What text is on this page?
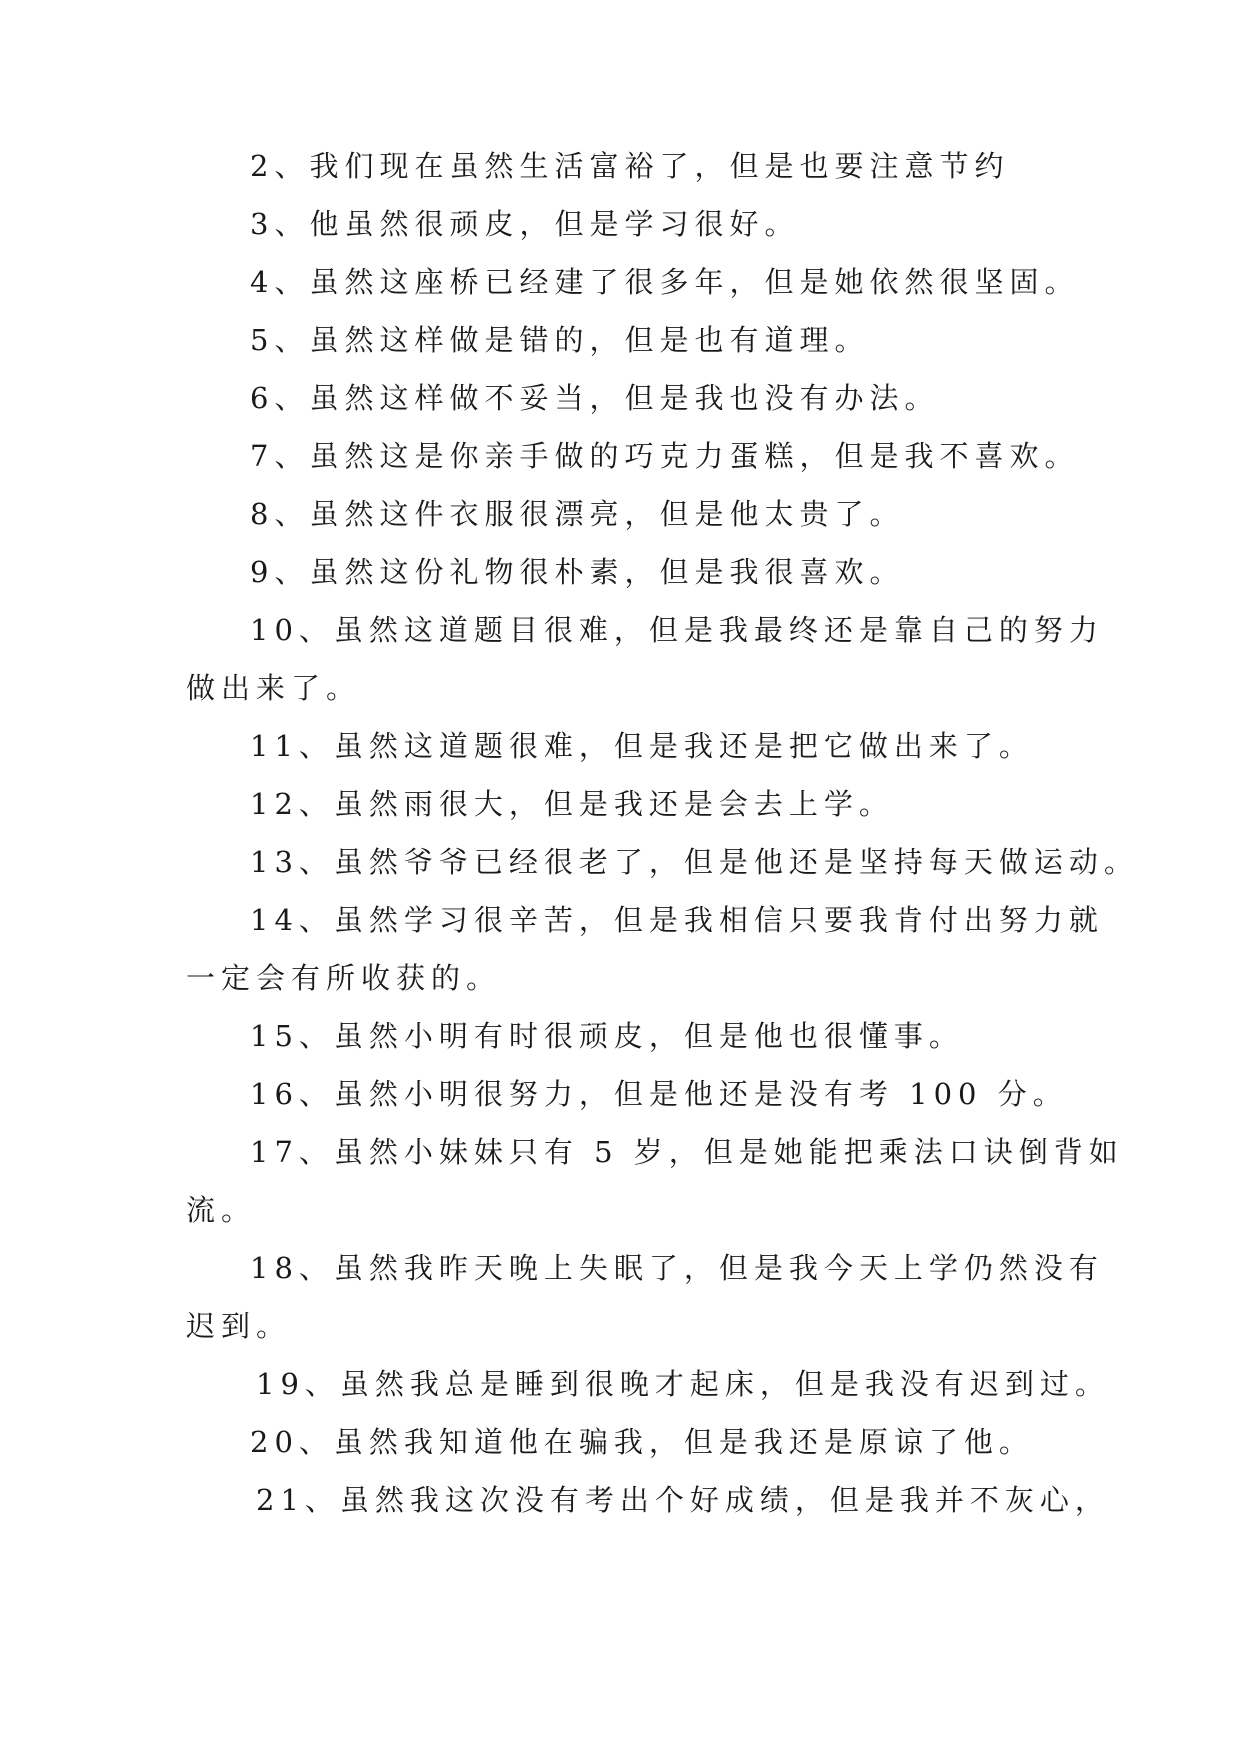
2、我们现在虽然生活富裕了，但是也要注意节约
3、他虽然很顽皮，但是学习很好。
4、虽然这座桥已经建了很多年，但是她依然很坚固。
5、虽然这样做是错的，但是也有道理。
6、虽然这样做不妥当，但是我也没有办法。
7、虽然这是你亲手做的巧克力蛋糕，但是我不喜欢。
8、虽然这件衣服很漂亮，但是他太贵了。
9、虽然这份礼物很朴素，但是我很喜欢。
10、虽然这道题目很难，但是我最终还是靠自己的努力
做出来了。
11、虽然这道题很难，但是我还是把它做出来了。
12、虽然雨很大，但是我还是会去上学。
13、虽然爷爷已经很老了，但是他还是坚持每天做运动。
14、虽然学习很辛苦，但是我相信只要我肯付出努力就
一定会有所收获的。
15、虽然小明有时很顽皮，但是他也很懂事。
16、虽然小明很努力，但是他还是没有考 100 分。
17、虽然小妹妹只有 5 岁，但是她能把乘法口诀倒背如
流。
18、虽然我昨天晚上失眠了，但是我今天上学仍然没有
迟到。
19、虽然我总是睡到很晚才起床，但是我没有迟到过。
20、虽然我知道他在骗我，但是我还是原谅了他。
21、虽然我这次没有考出个好成绩，但是我并不灰心，
